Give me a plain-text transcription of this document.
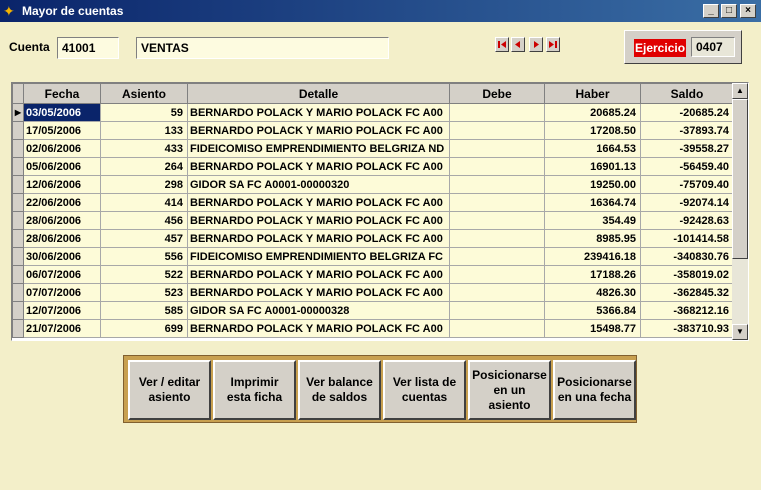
✦ Mayor de cuentas	_	□	×
Cuenta	41001	VENTAS	Ejercicio 0407
	Fecha	Asiento	Detalle	Debe	Haber	Saldo
▶	03/05/2006	59	BERNARDO POLACK Y MARIO POLACK FC A00		20685.24	-20685.24
	17/05/2006	133	BERNARDO POLACK Y MARIO POLACK FC A00		17208.50	-37893.74
	02/06/2006	433	FIDEICOMISO EMPRENDIMIENTO BELGRIZA ND		1664.53	-39558.27
	05/06/2006	264	BERNARDO POLACK Y MARIO POLACK FC A00		16901.13	-56459.40
	12/06/2006	298	GIDOR SA FC A0001-00000320		19250.00	-75709.40
	22/06/2006	414	BERNARDO POLACK Y MARIO POLACK FC A00		16364.74	-92074.14
	28/06/2006	456	BERNARDO POLACK Y MARIO POLACK FC A00		354.49	-92428.63
	28/06/2006	457	BERNARDO POLACK Y MARIO POLACK FC A00		8985.95	-101414.58
	30/06/2006	556	FIDEICOMISO EMPRENDIMIENTO BELGRIZA FC		239416.18	-340830.76
	06/07/2006	522	BERNARDO POLACK Y MARIO POLACK FC A00		17188.26	-358019.02
	07/07/2006	523	BERNARDO POLACK Y MARIO POLACK FC A00		4826.30	-362845.32
	12/07/2006	585	GIDOR SA FC A0001-00000328		5366.84	-368212.16
	21/07/2006	699	BERNARDO POLACK Y MARIO POLACK FC A00		15498.77	-383710.93
▲
▼
Ver / editar asiento
Imprimir esta ficha
Ver balance de saldos
Ver lista de cuentas
Posicionarse en un asiento
Posicionarse en una fecha
